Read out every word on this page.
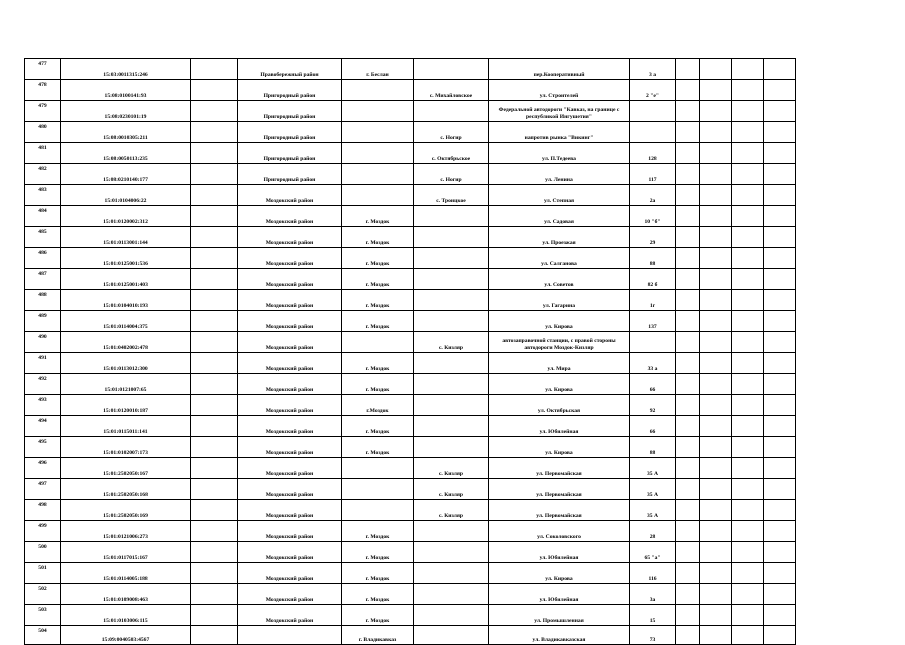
477	15:03:0011315:246		Правобережный район	г. Беслан		пер.Кооперативный	3 а				
478	15:08:0100141:93		Пригородный район		с. Михайловское	ул. Строителей	2 "е"				
479	15:08:0230101:19		Пригородный район			Федеральной автодороги "Кавказ, на границе с республикой Ингушетия"					
480	15:08:0010305:211		Пригородный район		с. Ногир	напротив рынка "Викинг"					
481	15:08:0050113:235		Пригородный район		с. Октябрьское	ул. П.Тедеева	128				
482	15:08:0210140:177		Пригородный район		с. Ногир	ул. Ленина	117				
483	15:01:0104006:22		Моздокский район		с. Троицкое	ул. Степная	2а				
484	15:01:0120002:312		Моздокский район	г. Моздок		ул. Садовая	10 "б"				
485	15:01:0113001:144		Моздокский район	г. Моздок		ул. Проезжая	29				
486	15:01:0125001:536		Моздокский район	г. Моздок		ул. Салганова	88				
487	15:01:0125001:403		Моздокский район	г. Моздок		ул. Советов	82 б				
488	15:01:0104010:193		Моздокский район	г. Моздок		ул. Гагарина	1г				
489	15:01:0114004:375		Моздокский район	г. Моздок		ул. Кирова	137				
490	15:01:0402002:478		Моздокский район		с. Кизляр	автозаправочной станции, с правой стороны автодороги Моздок-Кизляр					
491	15:01:0113012:300		Моздокский район	г. Моздок		ул. Мира	33 а				
492	15:01:0121007:65		Моздокский район	г. Моздок		ул. Кирова	66				
493	15:01:0120010:187		Моздокский район	г.Моздок		ул. Октябрьская	92				
494	15:01:0115011:141		Моздокский район	г. Моздок		ул. Юбилейная	66				
495	15:01:0102007:173		Моздокский район	г. Моздок		ул. Кирова	88				
496	15:01:2502050:167		Моздокский район		с. Кизляр	ул. Первомайская	35 А				
497	15:01:2502050:168		Моздокский район		с. Кизляр	ул. Первомайская	35 А				
498	15:01:2502050:169		Моздокский район		с. Кизляр	ул. Первомайская	35 А				
499	15:01:0121006:273		Моздокский район	г. Моздок		ул. Соколовского	28				
500	15:01:0117015:167		Моздокский район	г. Моздок		ул. Юбилейная	65 "а"				
501	15:01:0114005:188		Моздокский район	г. Моздок		ул. Кирова	116				
502	15:01:0109008:463		Моздокский район	г. Моздок		ул. Юбилейная	3а				
503	15:01:0103006:115		Моздокский район	г. Моздок		ул. Промышленная	15				
504	15:09:0040503:4567			г. Владикавказ		ул. Владикавказская	73				
